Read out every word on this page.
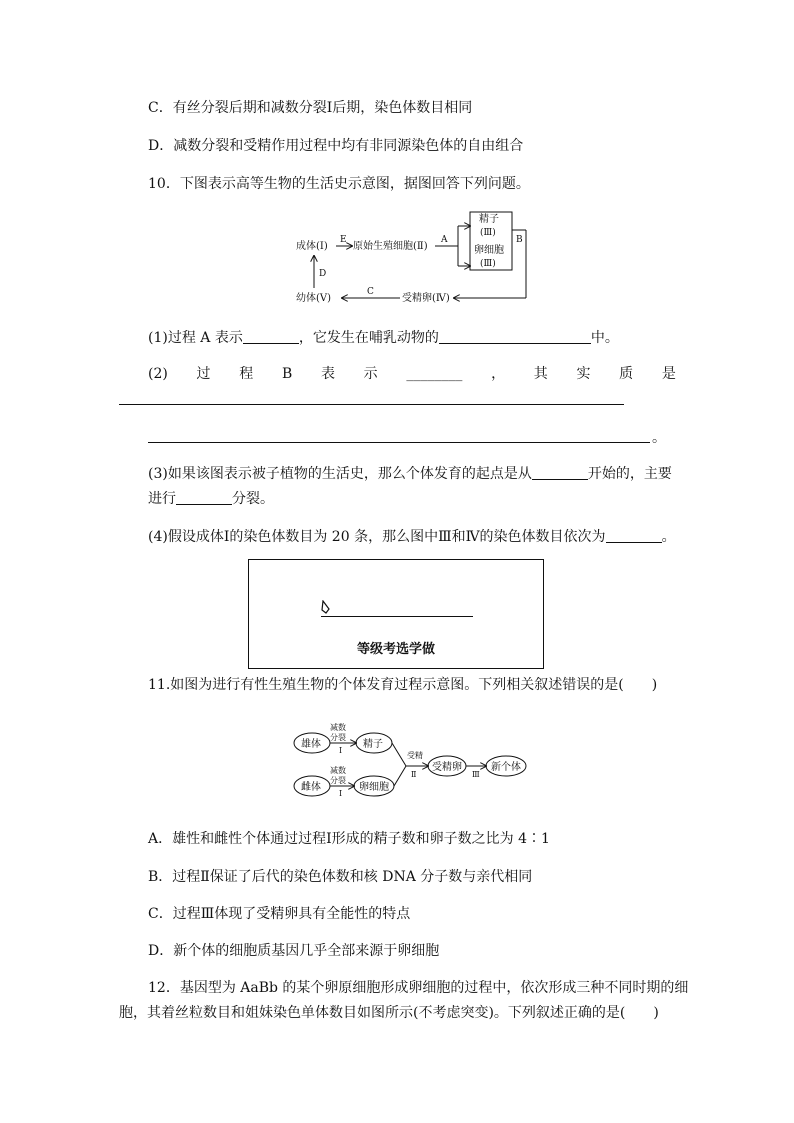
C．有丝分裂后期和减数分裂Ⅰ后期，染色体数目相同
D．减数分裂和受精作用过程中均有非同源染色体的自由组合
10．下图表示高等生物的生活史示意图，据图回答下列问题。
成体(Ⅰ)
E
原始生殖细胞(Ⅱ)
A
精子
(Ⅲ)
卵细胞
(Ⅲ)
B
受精卵(Ⅳ)
C
幼体(Ⅴ)
D
(1)过程 A 表示	，它发生在哺乳动物的	中。
(2) 过 程 B 表 示 ________ ， 其 实 质 是
。
(3)如果该图表示被子植物的生活史，那么个体发育的起点是从	开始的，主要
进行	分裂。
(4)假设成体Ⅰ的染色体数目为 20 条，那么图中Ⅲ和Ⅳ的染色体数目依次为	。
等级考选学做
11.如图为进行有性生殖生物的个体发育过程示意图。下列相关叙述错误的是(　　)
雄体
减数
分裂
Ⅰ
精子
雌体
减数
分裂
Ⅰ
卵细胞
受精
Ⅱ
受精卵
Ⅲ
新个体
A．雄性和雌性个体通过过程Ⅰ形成的精子数和卵子数之比为 4∶1
B．过程Ⅱ保证了后代的染色体数和核 DNA 分子数与亲代相同
C．过程Ⅲ体现了受精卵具有全能性的特点
D．新个体的细胞质基因几乎全部来源于卵细胞
12．基因型为 AaBb 的某个卵原细胞形成卵细胞的过程中，依次形成三种不同时期的细
胞，其着丝粒数目和姐妹染色单体数目如图所示(不考虑突变)。下列叙述正确的是(　　)
